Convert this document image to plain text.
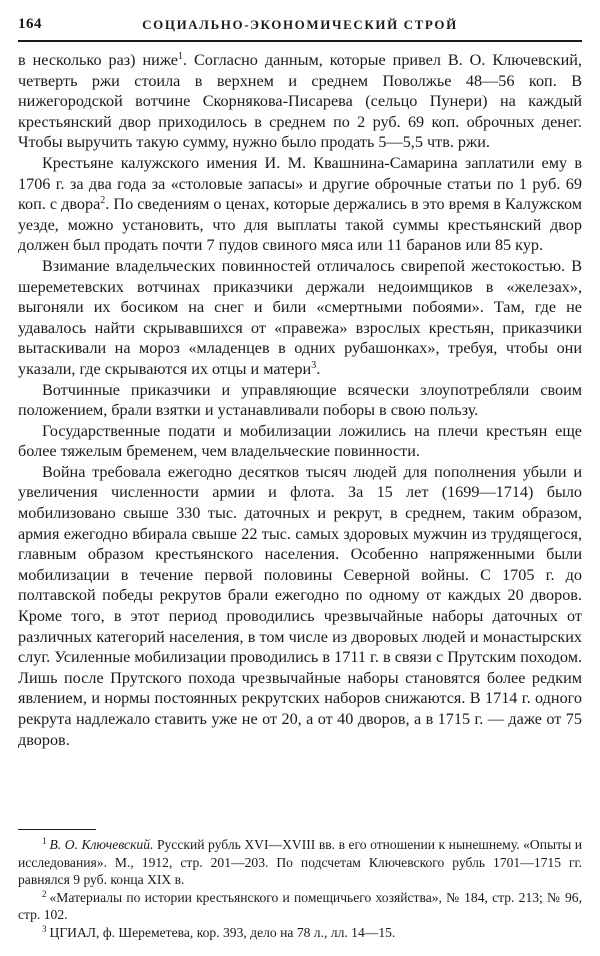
164	СОЦИАЛЬНО-ЭКОНОМИЧЕСКИЙ СТРОЙ

в несколько раз) ниже$^1$. Согласно данным, которые привел В. О. Ключевский, четверть ржи стоила в верхнем и среднем Поволжье 48—56 коп. В нижегородской вотчине Скорнякова-Писарева (сельцо Пунери) на каждый крестьянский двор приходилось в среднем по 2 руб. 69 коп. оброчных денег. Чтобы выручить такую сумму, нужно было продать 5—5,5 чтв. ржи.

Крестьяне калужского имения И. М. Квашнина-Самарина заплатили ему в 1706 г. за два года за «столовые запасы» и другие оброчные статьи по 1 руб. 69 коп. с двора$^2$. По сведениям о ценах, которые держались в это время в Калужском уезде, можно установить, что для выплаты такой суммы крестьянский двор должен был продать почти 7 пудов свиного мяса или 11 баранов или 85 кур.

Взимание владельческих повинностей отличалось свирепой жестокостью. В шереметевских вотчинах приказчики держали недоимщиков в «железах», выгоняли их босиком на снег и били «смертными побоями». Там, где не удавалось найти скрывавшихся от «правежа» взрослых крестьян, приказчики вытаскивали на мороз «младенцев в одних рубашонках», требуя, чтобы они указали, где скрываются их отцы и матери$^3$.

Вотчинные приказчики и управляющие всячески злоупотребляли своим положением, брали взятки и устанавливали поборы в свою пользу.

Государственные подати и мобилизации ложились на плечи крестьян еще более тяжелым бременем, чем владельческие повинности.

Война требовала ежегодно десятков тысяч людей для пополнения убыли и увеличения численности армии и флота. За 15 лет (1699—1714) было мобилизовано свыше 330 тыс. даточных и рекрут, в среднем, таким образом, армия ежегодно вбирала свыше 22 тыс. самых здоровых мужчин из трудящегося, главным образом крестьянского населения. Особенно напряженными были мобилизации в течение первой половины Северной войны. С 1705 г. до полтавской победы рекрутов брали ежегодно по одному от каждых 20 дворов. Кроме того, в этот период проводились чрезвычайные наборы даточных от различных категорий населения, в том числе из дворовых людей и монастырских слуг. Усиленные мобилизации проводились в 1711 г. в связи с Прутским походом. Лишь после Прутского похода чрезвычайные наборы становятся более редким явлением, и нормы постоянных рекрутских наборов снижаются. В 1714 г. одного рекрута надлежало ставить уже не от 20, а от 40 дворов, а в 1715 г. — даже от 75 дворов.

$^1$ В. О. Ключевский. Русский рубль XVI—XVIII вв. в его отношении к нынешнему. «Опыты и исследования». М., 1912, стр. 201—203. По подсчетам Ключевского рубль 1701—1715 гг. равнялся 9 руб. конца XIX в.

$^2$ «Материалы по истории крестьянского и помещичьего хозяйства», № 184, стр. 213; № 96, стр. 102.

$^3$ ЦГИАЛ, ф. Шереметева, кор. 393, дело на 78 л., лл. 14—15.
